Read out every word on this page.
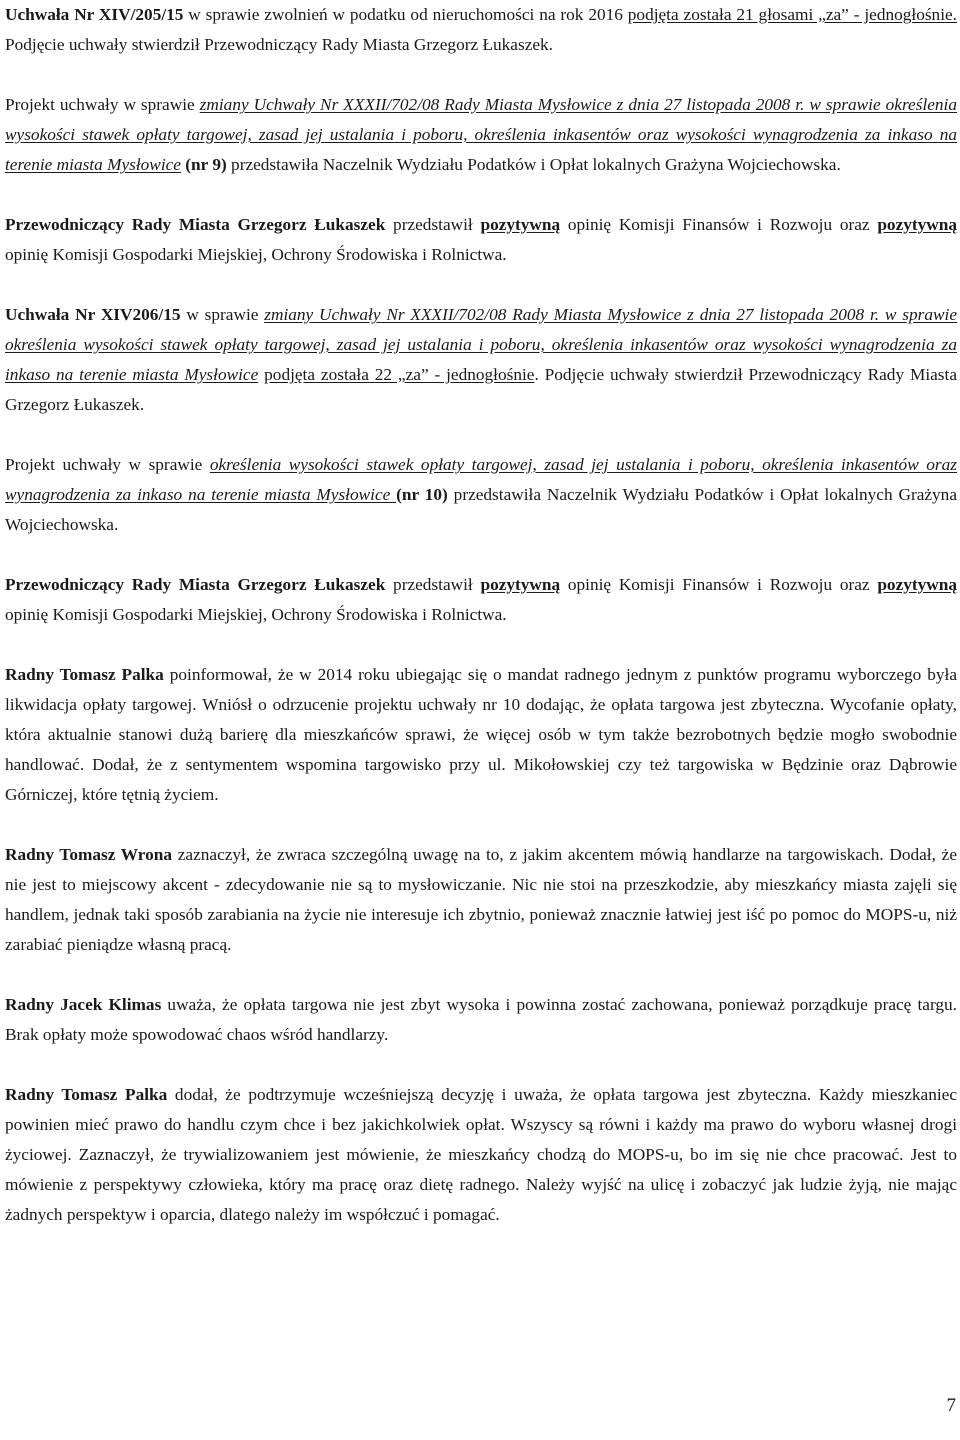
Uchwała Nr XIV/205/15 w sprawie zwolnień w podatku od nieruchomości na rok 2016 podjęta została 21 głosami „za” - jednogłośnie. Podjęcie uchwały stwierdził Przewodniczący Rady Miasta Grzegorz Łukaszek.

Projekt uchwały w sprawie zmiany Uchwały Nr XXXII/702/08 Rady Miasta Mysłowice z dnia 27 listopada 2008 r. w sprawie określenia wysokości stawek opłaty targowej, zasad jej ustalania i poboru, określenia inkasentów oraz wysokości wynagrodzenia za inkaso na terenie miasta Mysłowice (nr 9) przedstawiła Naczelnik Wydziału Podatków i Opłat lokalnych Grażyna Wojciechowska.

Przewodniczący Rady Miasta Grzegorz Łukaszek przedstawił pozytywną opinię Komisji Finansów i Rozwoju oraz pozytywną opinię Komisji Gospodarki Miejskiej, Ochrony Środowiska i Rolnictwa.

Uchwała Nr XIV206/15 w sprawie zmiany Uchwały Nr XXXII/702/08 Rady Miasta Mysłowice z dnia 27 listopada 2008 r. w sprawie określenia wysokości stawek opłaty targowej, zasad jej ustalania i poboru, określenia inkasentów oraz wysokości wynagrodzenia za inkaso na terenie miasta Mysłowice podjęta została 22 „za” - jednogłośnie. Podjęcie uchwały stwierdził Przewodniczący Rady Miasta Grzegorz Łukaszek.

Projekt uchwały w sprawie określenia wysokości stawek opłaty targowej, zasad jej ustalania i poboru, określenia inkasentów oraz wynagrodzenia za inkaso na terenie miasta Mysłowice (nr 10) przedstawiła Naczelnik Wydziału Podatków i Opłat lokalnych Grażyna Wojciechowska.

Przewodniczący Rady Miasta Grzegorz Łukaszek przedstawił pozytywną opinię Komisji Finansów i Rozwoju oraz pozytywną opinię Komisji Gospodarki Miejskiej, Ochrony Środowiska i Rolnictwa.

Radny Tomasz Palka poinformował, że w 2014 roku ubiegając się o mandat radnego jednym z punktów programu wyborczego była likwidacja opłaty targowej. Wniósł o odrzucenie projektu uchwały nr 10 dodając, że opłata targowa jest zbyteczna. Wycofanie opłaty, która aktualnie stanowi dużą barierę dla mieszkańców sprawi, że więcej osób w tym także bezrobotnych będzie mogło swobodnie handlować. Dodał, że z sentymentem wspomina targowisko przy ul. Mikołowskiej czy też targowiska w Będzinie oraz Dąbrowie Górniczej, które tętnią życiem.

Radny Tomasz Wrona zaznaczył, że zwraca szczególną uwagę na to, z jakim akcentem mówią handlarze na targowiskach. Dodał, że nie jest to miejscowy akcent - zdecydowanie nie są to mysłowiczanie. Nic nie stoi na przeszkodzie, aby mieszkańcy miasta zajęli się handlem, jednak taki sposób zarabiania na życie nie interesuje ich zbytnio, ponieważ znacznie łatwiej jest iść po pomoc do MOPS-u, niż zarabiać pieniądze własną pracą.

Radny Jacek Klimas uważa, że opłata targowa nie jest zbyt wysoka i powinna zostać zachowana, ponieważ porządkuje pracę targu. Brak opłaty może spowodować chaos wśród handlarzy.

Radny Tomasz Palka dodał, że podtrzymuje wcześniejszą decyzję i uważa, że opłata targowa jest zbyteczna. Każdy mieszkaniec powinien mieć prawo do handlu czym chce i bez jakichkolwiek opłat. Wszyscy są równi i każdy ma prawo do wyboru własnej drogi życiowej. Zaznaczył, że trywializowaniem jest mówienie, że mieszkańcy chodzą do MOPS-u, bo im się nie chce pracować. Jest to mówienie z perspektywy człowieka, który ma pracę oraz dietę radnego. Należy wyjść na ulicę i zobaczyć jak ludzie żyją, nie mając żadnych perspektyw i oparcia, dlatego należy im współczuć i pomagać.

7
